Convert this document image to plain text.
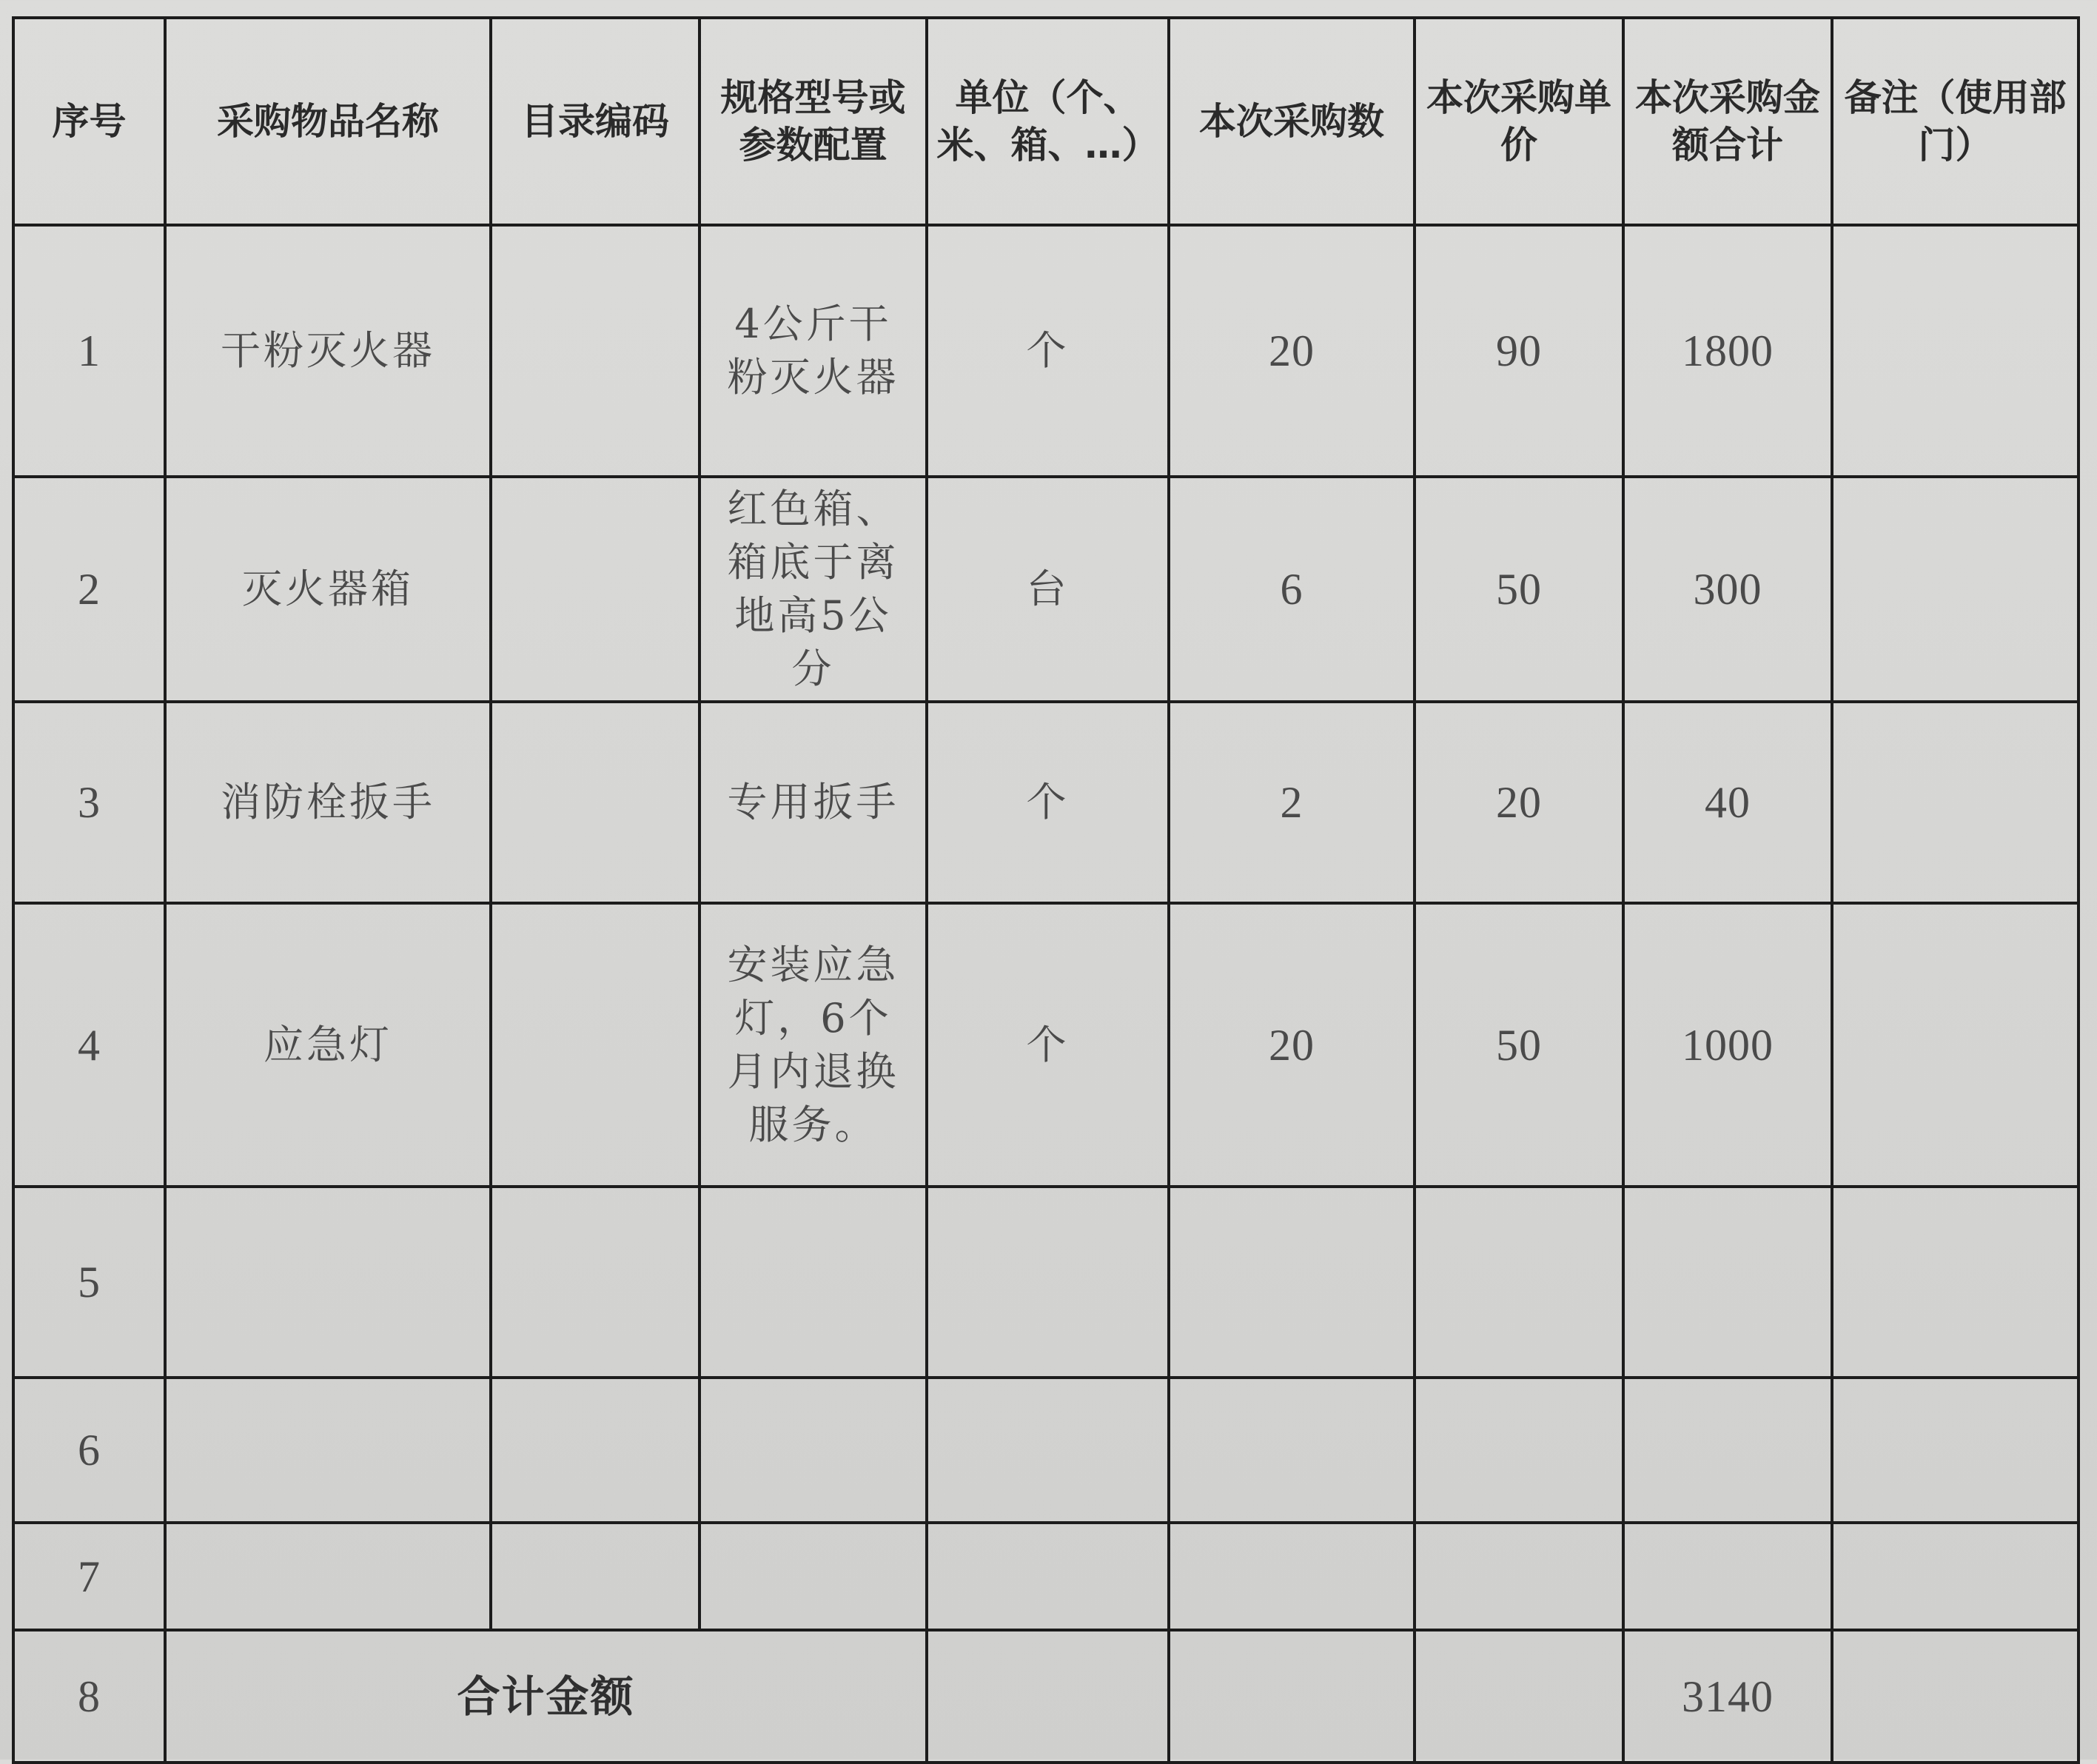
序号	采购物品名称	目录编码	规格型号或参数配置	单位（个、米、箱、…）	本次采购数	本次采购单价	本次采购金额合计	备注（使用部门）
1	干粉灭火器		4公斤干粉灭火器	个	20	90	1800	
2	灭火器箱		红色箱、箱底于离地高5公分	台	6	50	300	
3	消防栓扳手		专用扳手	个	2	20	40	
4	应急灯		安装应急灯，6个月内退换服务。	个	20	50	1000	
5								
6								
7								
8	合计金额						3140	
